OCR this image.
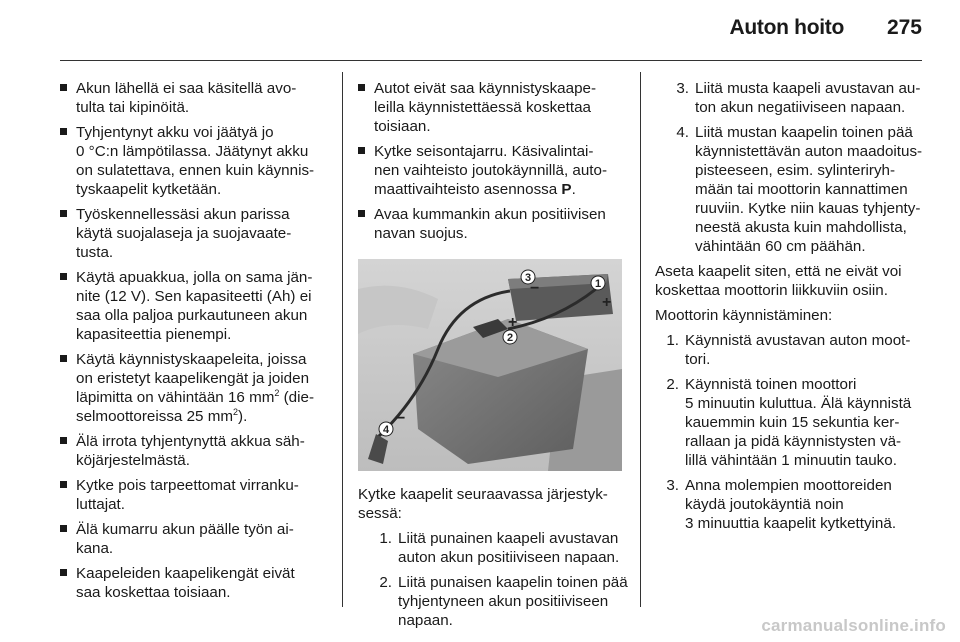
Auton hoito 275
Akun lähellä ei saa käsitellä avo-
tulta tai kipinöitä.
Tyhjentynyt akku voi jäätyä jo
0 °C:n lämpötilassa. Jäätynyt akku
on sulatettava, ennen kuin käynnis-
tyskaapelit kytketään.
Työskennellessäsi akun parissa
käytä suojalaseja ja suojavaate-
tusta.
Käytä apuakkua, jolla on sama jän-
nite (12 V). Sen kapasiteetti (Ah) ei
saa olla paljoa purkautuneen akun
kapasiteettia pienempi.
Käytä käynnistyskaapeleita, joissa
on eristetyt kaapelikengät ja joiden
läpimitta on vähintään 16 $mm^2$ (die-
selmoottoreissa 25 $mm^2$).
Älä irrota tyhjentynyttä akkua säh-
köjärjestelmästä.
Kytke pois tarpeettomat virranku-
luttajat.
Älä kumarru akun päälle työn ai-
kana.
Kaapeleiden kaapelikengät eivät
saa koskettaa toisiaan.
Autot eivät saa käynnistyskaape-
leilla käynnistettäessä koskettaa
toisiaan.
Kytke seisontajarru. Käsivalintai-
nen vaihteisto joutokäynnillä, auto-
maattivaihteisto asennossa P.
Avaa kummankin akun positiivisen
navan suojus.
1
2
3
4
+
+
−
−
Kytke kaapelit seuraavassa järjestyk-
sessä:
1. Liitä punainen kaapeli avustavan
auton akun positiiviseen napaan.
2. Liitä punaisen kaapelin toinen pää
tyhjentyneen akun positiiviseen
napaan.
3. Liitä musta kaapeli avustavan au-
ton akun negatiiviseen napaan.
4. Liitä mustan kaapelin toinen pää
käynnistettävän auton maadoitus-
pisteeseen, esim. sylinteriryh-
mään tai moottorin kannattimen
ruuviin. Kytke niin kauas tyhjenty-
neestä akusta kuin mahdollista,
vähintään 60 cm päähän.
Aseta kaapelit siten, että ne eivät voi
koskettaa moottorin liikkuviin osiin.
Moottorin käynnistäminen:
1. Käynnistä avustavan auton moot-
tori.
2. Käynnistä toinen moottori
5 minuutin kuluttua. Älä käynnistä
kauemmin kuin 15 sekuntia ker-
rallaan ja pidä käynnistysten vä-
lillä vähintään 1 minuutin tauko.
3. Anna molempien moottoreiden
käydä joutokäyntiä noin
3 minuuttia kaapelit kytkettyinä.
carmanualsonline.info
